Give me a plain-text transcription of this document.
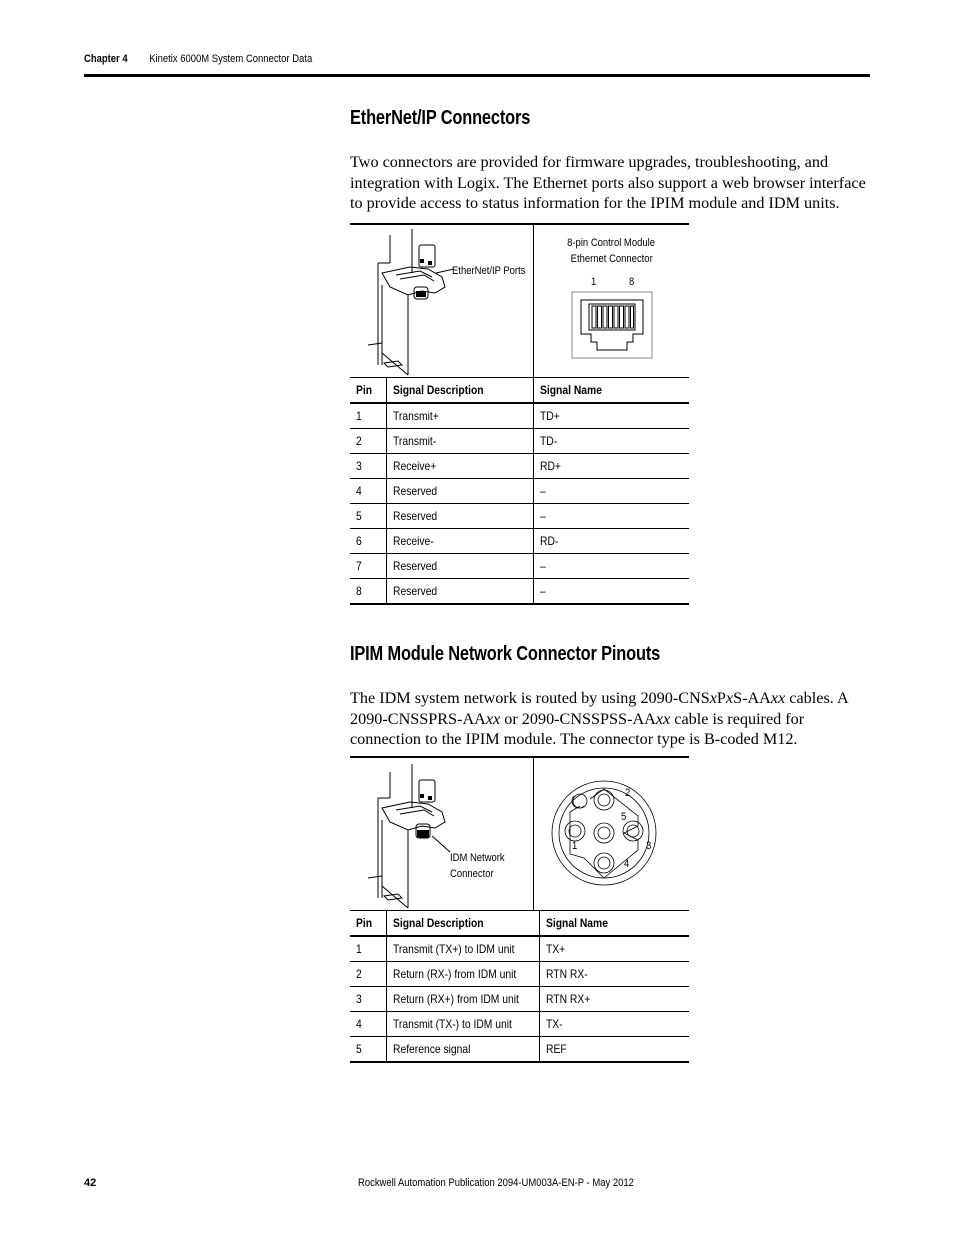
Chapter 4 Kinetix 6000M System Connector Data
EtherNet/IP Connectors
Two connectors are provided for firmware upgrades, troubleshooting, and integration with Logix. The Ethernet ports also support a web browser interface to provide access to status information for the IPIM module and IDM units.
EtherNet/IP Ports
8-pin Control Module
Ethernet Connector
1	8
Pin	Signal Description	Signal Name
1	Transmit+	TD+
2	Transmit-	TD-
3	Receive+	RD+
4	Reserved	–
5	Reserved	–
6	Receive-	RD-
7	Reserved	–
8	Reserved	–
IPIM Module Network Connector Pinouts
The IDM system network is routed by using 2090-CNSxPxS-AAxx cables. A 2090-CNSSPRS-AAxx or 2090-CNSSPSS-AAxx cable is required for connection to the IPIM module. The connector type is B-coded M12.
IDM Network
Connector
1
2
3
4
5
Pin	Signal Description	Signal Name
1	Transmit (TX+) to IDM unit	TX+
2	Return (RX-) from IDM unit	RTN RX-
3	Return (RX+) from IDM unit	RTN RX+
4	Transmit (TX-) to IDM unit	TX-
5	Reference signal	REF
42	Rockwell Automation Publication 2094-UM003A-EN-P - May 2012
